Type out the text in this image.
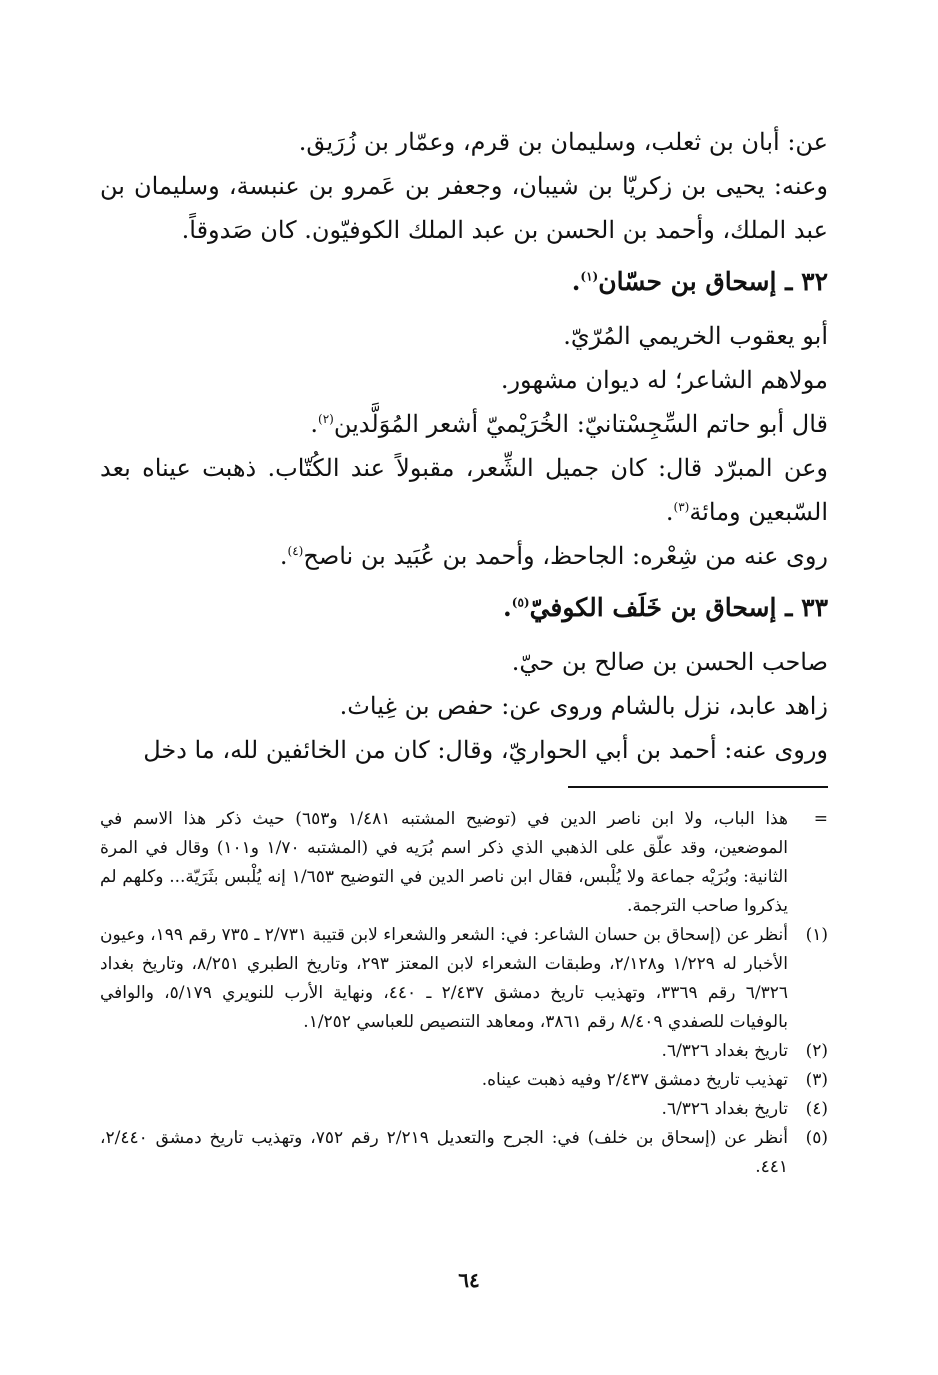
عن: أبان بن ثعلب، وسليمان بن قرم، وعمّار بن زُرَيق.

وعنه: يحيى بن زكريّا بن شيبان، وجعفر بن عَمرو بن عنبسة، وسليمان بن عبد الملك، وأحمد بن الحسن بن عبد الملك الكوفيّون. كان صَدوقاً.

٣٢ ـ إسحاق بن حسّان$^{(١)}$.

أبو يعقوب الخريمي المُرّيّ.

مولاهم الشاعر؛ له ديوان مشهور.

قال أبو حاتم السِّجِسْتانيّ: الخُرَيْميّ أشعر المُوَلَّدين$^{(٢)}$.

وعن المبرّد قال: كان جميل الشِّعر، مقبولاً عند الكُتّاب. ذهبت عيناه بعد السّبعين ومائة$^{(٣)}$.

روى عنه من شِعْره: الجاحظ، وأحمد بن عُبَيد بن ناصح$^{(٤)}$.

٣٣ ـ إسحاق بن خَلَف الكوفيّ$^{(٥)}$.

صاحب الحسن بن صالح بن حيّ.

زاهد عابد، نزل بالشام وروى عن: حفص بن غِياث.

وروى عنه: أحمد بن أبي الحواريّ، وقال: كان من الخائفين لله، ما دخل

=
هذا الباب، ولا ابن ناصر الدين في (توضيح المشتبه ١/٤٨١ و٦٥٣) حيث ذكر هذا الاسم في الموضعين، وقد علّق على الذهبي الذي ذكر اسم بُرَيه في (المشتبه ١/٧٠ و١٠١) وقال في المرة الثانية: وبُرَيْه جماعة ولا يُلْبس، فقال ابن ناصر الدين في التوضيح ١/٦٥٣ إنه يُلْبس بثَرَيّة... وكلهم لم يذكروا صاحب الترجمة.
(١)
أنظر عن (إسحاق بن حسان الشاعر: في: الشعر والشعراء لابن قتيبة ٢/٧٣١ ـ ٧٣٥ رقم ١٩٩، وعيون الأخبار له ١/٢٢٩ و٢/١٢٨، وطبقات الشعراء لابن المعتز ٢٩٣، وتاريخ الطبري ٨/٢٥١، وتاريخ بغداد ٦/٣٢٦ رقم ٣٣٦٩، وتهذيب تاريخ دمشق ٢/٤٣٧ ـ ٤٤٠، ونهاية الأرب للنويري ٥/١٧٩، والوافي بالوفيات للصفدي ٨/٤٠٩ رقم ٣٨٦١، ومعاهد التنصيص للعباسي ١/٢٥٢.
(٢)
تاريخ بغداد ٦/٣٢٦.
(٣)
تهذيب تاريخ دمشق ٢/٤٣٧ وفيه ذهبت عيناه.
(٤)
تاريخ بغداد ٦/٣٢٦.
(٥)
أنظر عن (إسحاق بن خلف) في: الجرح والتعديل ٢/٢١٩ رقم ٧٥٢، وتهذيب تاريخ دمشق ٢/٤٤٠، ٤٤١.
٦٤
